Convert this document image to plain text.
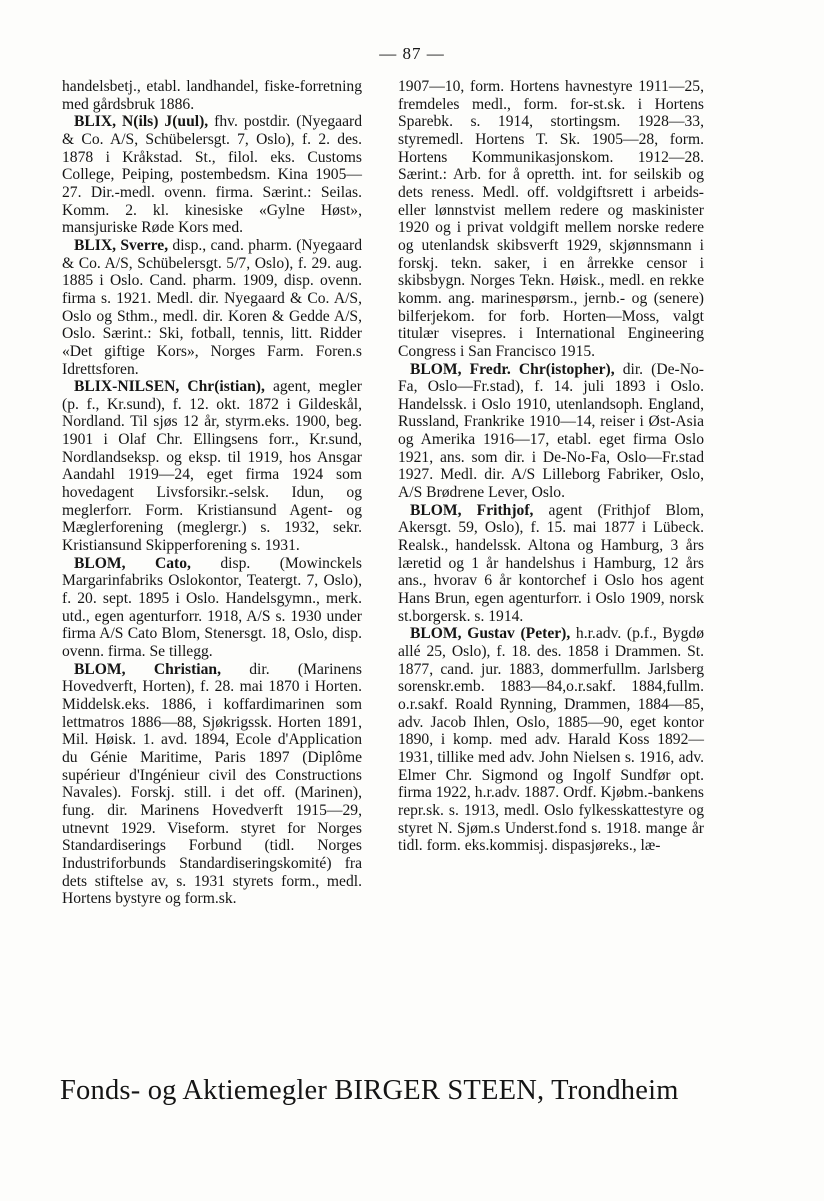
— 87 —

handelsbetj., etabl. landhandel, fiske-forretning med gårdsbruk 1886.

BLIX, N(ils) J(uul), fhv. postdir. (Nyegaard & Co. A/S, Schübelersgt. 7, Oslo), f. 2. des. 1878 i Kråkstad. St., filol. eks. Customs College, Peiping, postembedsm. Kina 1905—27. Dir.-medl. ovenn. firma. Særint.: Seilas. Komm. 2. kl. kinesiske «Gylne Høst», mansjuriske Røde Kors med.

BLIX, Sverre, disp., cand. pharm. (Nyegaard & Co. A/S, Schübelersgt. 5/7, Oslo), f. 29. aug. 1885 i Oslo. Cand. pharm. 1909, disp. ovenn. firma s. 1921. Medl. dir. Nyegaard & Co. A/S, Oslo og Sthm., medl. dir. Koren & Gedde A/S, Oslo. Særint.: Ski, fotball, tennis, litt. Ridder «Det giftige Kors», Norges Farm. Foren.s Idrettsforen.

BLIX-NILSEN, Chr(istian), agent, megler (p. f., Kr.sund), f. 12. okt. 1872 i Gildeskål, Nordland. Til sjøs 12 år, styrm.eks. 1900, beg. 1901 i Olaf Chr. Ellingsens forr., Kr.sund, Nordlandseksp. og eksp. til 1919, hos Ansgar Aandahl 1919—24, eget firma 1924 som hovedagent Livsforsikr.-selsk. Idun, og meglerforr. Form. Kristiansund Agent- og Mæglerforening (meglergr.) s. 1932, sekr. Kristiansund Skipperforening s. 1931.

BLOM, Cato, disp. (Mowinckels Margarinfabriks Oslokontor, Teatergt. 7, Oslo), f. 20. sept. 1895 i Oslo. Handelsgymn., merk. utd., egen agenturforr. 1918, A/S s. 1930 under firma A/S Cato Blom, Stenersgt. 18, Oslo, disp. ovenn. firma. Se tillegg.

BLOM, Christian, dir. (Marinens Hovedverft, Horten), f. 28. mai 1870 i Horten. Middelsk.eks. 1886, i koffardimarinen som lettmatros 1886—88, Sjøkrigssk. Horten 1891, Mil. Høisk. 1. avd. 1894, Ecole d'Application du Génie Maritime, Paris 1897 (Diplôme supérieur d'Ingénieur civil des Constructions Navales). Forskj. still. i det off. (Marinen), fung. dir. Marinens Hovedverft 1915—29, utnevnt 1929. Viseform. styret for Norges Standardiserings Forbund (tidl. Norges Industriforbunds Standardiseringskomité) fra dets stiftelse av, s. 1931 styrets form., medl. Hortens bystyre og form.sk.

1907—10, form. Hortens havnestyre 1911—25, fremdeles medl., form. for-st.sk. i Hortens Sparebk. s. 1914, stortingsm. 1928—33, styremedl. Hortens T. Sk. 1905—28, form. Hortens Kommunikasjonskom. 1912—28. Særint.: Arb. for å opretth. int. for seilskib og dets reness. Medl. off. voldgiftsrett i arbeids- eller lønnstvist mellem redere og maskinister 1920 og i privat voldgift mellem norske redere og utenlandsk skibsverft 1929, skjønnsmann i forskj. tekn. saker, i en årrekke censor i skibsbygn. Norges Tekn. Høisk., medl. en rekke komm. ang. marinespørsm., jernb.- og (senere) bilferjekom. for forb. Horten—Moss, valgt titulær visepres. i International Engineering Congress i San Francisco 1915.

BLOM, Fredr. Chr(istopher), dir. (De-No-Fa, Oslo—Fr.stad), f. 14. juli 1893 i Oslo. Handelssk. i Oslo 1910, utenlandsoph. England, Russland, Frankrike 1910—14, reiser i Øst-Asia og Amerika 1916—17, etabl. eget firma Oslo 1921, ans. som dir. i De-No-Fa, Oslo—Fr.stad 1927. Medl. dir. A/S Lilleborg Fabriker, Oslo, A/S Brødrene Lever, Oslo.

BLOM, Frithjof, agent (Frithjof Blom, Akersgt. 59, Oslo), f. 15. mai 1877 i Lübeck. Realsk., handelssk. Altona og Hamburg, 3 års læretid og 1 år handelshus i Hamburg, 12 års ans., hvorav 6 år kontorchef i Oslo hos agent Hans Brun, egen agenturforr. i Oslo 1909, norsk st.borgersk. s. 1914.

BLOM, Gustav (Peter), h.r.adv. (p.f., Bygdø allé 25, Oslo), f. 18. des. 1858 i Drammen. St. 1877, cand. jur. 1883, dommerfullm. Jarlsberg sorenskr.emb. 1883—84,o.r.sakf. 1884,fullm. o.r.sakf. Roald Rynning, Drammen, 1884—85, adv. Jacob Ihlen, Oslo, 1885—90, eget kontor 1890, i komp. med adv. Harald Koss 1892—1931, tillike med adv. John Nielsen s. 1916, adv. Elmer Chr. Sigmond og Ingolf Sundfør opt. firma 1922, h.r.adv. 1887. Ordf. Kjøbm.-bankens repr.sk. s. 1913, medl. Oslo fylkesskattestyre og styret N. Sjøm.s Underst.fond s. 1918. mange år tidl. form. eks.kommisj. dispasjøreks., læ-

Fonds- og Aktiemegler BIRGER STEEN, Trondheim
